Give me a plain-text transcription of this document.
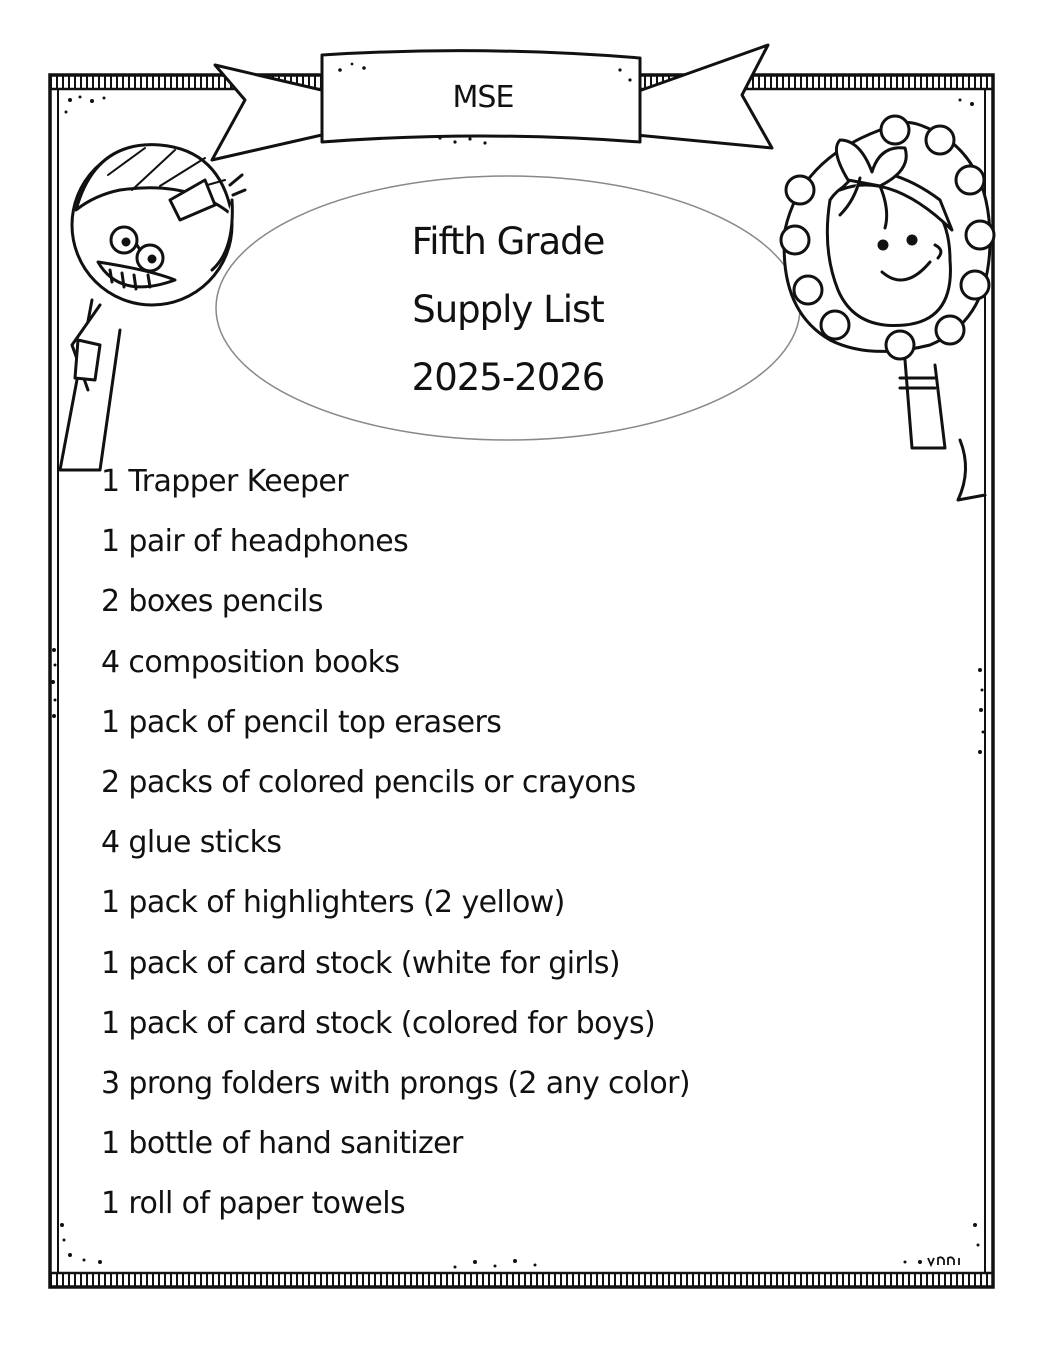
MSE
Fifth Grade
Supply List
2025-2026
1 Trapper Keeper
1 pair of headphones
2 boxes pencils
4 composition books
1 pack of pencil top erasers
2 packs of colored pencils or crayons
4 glue sticks
1 pack of highlighters (2 yellow)
1 pack of card stock (white for girls)
1 pack of card stock (colored for boys)
3 prong folders with prongs (2 any color)
1 bottle of hand sanitizer
1 roll of paper towels
